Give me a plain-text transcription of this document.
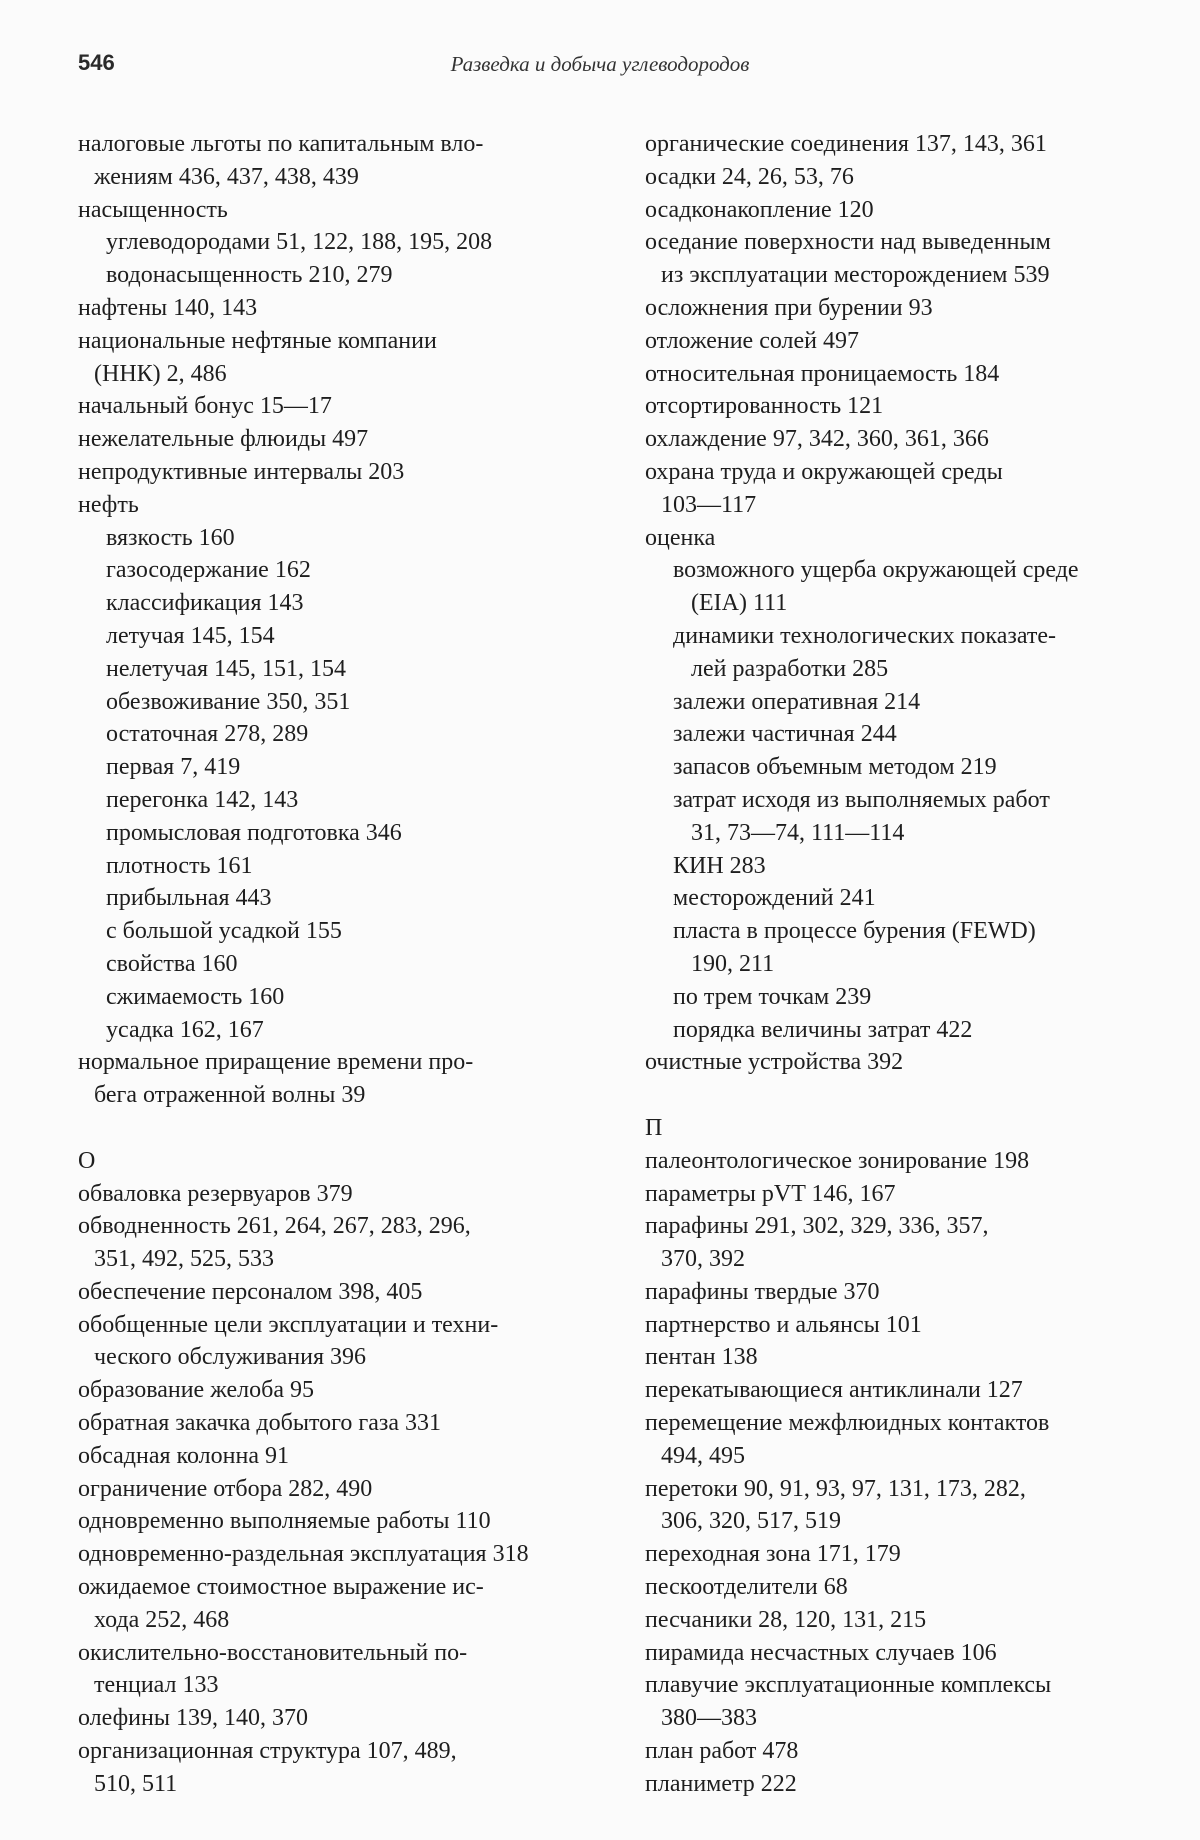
546	Разведка и добыча углеводородов
налоговые льготы по капитальным вло-
жениям 436, 437, 438, 439
насыщенность
углеводородами 51, 122, 188, 195, 208
водонасыщенность 210, 279
нафтены 140, 143
национальные нефтяные компании
(ННК) 2, 486
начальный бонус 15—17
нежелательные флюиды 497
непродуктивные интервалы 203
нефть
вязкость 160
газосодержание 162
классификация 143
летучая 145, 154
нелетучая 145, 151, 154
обезвоживание 350, 351
остаточная 278, 289
первая 7, 419
перегонка 142, 143
промысловая подготовка 346
плотность 161
прибыльная 443
с большой усадкой 155
свойства 160
сжимаемость 160
усадка 162, 167
нормальное приращение времени про-
бега отраженной волны 39
О
обваловка резервуаров 379
обводненность 261, 264, 267, 283, 296,
351, 492, 525, 533
обеспечение персоналом 398, 405
обобщенные цели эксплуатации и техни-
ческого обслуживания 396
образование желоба 95
обратная закачка добытого газа 331
обсадная колонна 91
ограничение отбора 282, 490
одновременно выполняемые работы 110
одновременно-раздельная эксплуатация 318
ожидаемое стоимостное выражение ис-
хода 252, 468
окислительно-восстановительный по-
тенциал 133
олефины 139, 140, 370
организационная структура 107, 489,
510, 511
органические соединения 137, 143, 361
осадки 24, 26, 53, 76
осадконакопление 120
оседание поверхности над выведенным
из эксплуатации месторождением 539
осложнения при бурении 93
отложение солей 497
относительная проницаемость 184
отсортированность 121
охлаждение 97, 342, 360, 361, 366
охрана труда и окружающей среды
103—117
оценка
возможного ущерба окружающей среде
(EIA) 111
динамики технологических показате-
лей разработки 285
залежи оперативная 214
залежи частичная 244
запасов объемным методом 219
затрат исходя из выполняемых работ
31, 73—74, 111—114
КИН 283
месторождений 241
пласта в процессе бурения (FEWD)
190, 211
по трем точкам 239
порядка величины затрат 422
очистные устройства 392
П
палеонтологическое зонирование 198
параметры pVT 146, 167
парафины 291, 302, 329, 336, 357,
370, 392
парафины твердые 370
партнерство и альянсы 101
пентан 138
перекатывающиеся антиклинали 127
перемещение межфлюидных контактов
494, 495
перетоки 90, 91, 93, 97, 131, 173, 282,
306, 320, 517, 519
переходная зона 171, 179
пескоотделители 68
песчаники 28, 120, 131, 215
пирамида несчастных случаев 106
плавучие эксплуатационные комплексы
380—383
план работ 478
планиметр 222
